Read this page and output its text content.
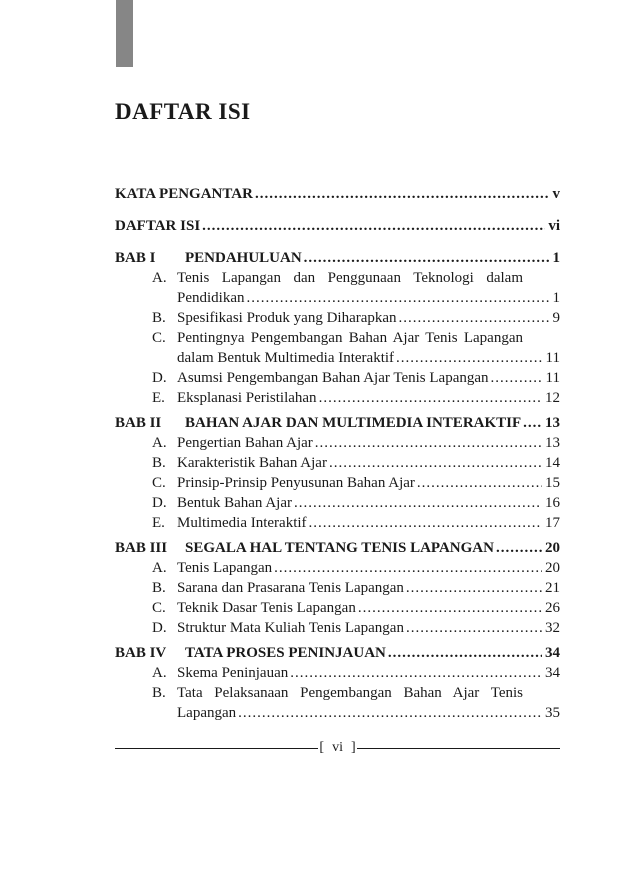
DAFTAR ISI
KATA PENGANTAR .....	v
DAFTAR ISI .....	vi
BAB I	PENDAHULUAN .....	1
A. Tenis Lapangan dan Penggunaan Teknologi dalam
Pendidikan .....	1
B. Spesifikasi Produk yang Diharapkan .....	9
C. Pentingnya Pengembangan Bahan Ajar Tenis Lapangan
dalam Bentuk Multimedia Interaktif .....	11
D. Asumsi Pengembangan Bahan Ajar Tenis Lapangan .....	11
E. Eksplanasi Peristilahan .....	12
BAB II	BAHAN AJAR DAN MULTIMEDIA INTERAKTIF ..... 13
A. Pengertian Bahan Ajar .....	13
B. Karakteristik Bahan Ajar .....	14
C. Prinsip-Prinsip Penyusunan Bahan Ajar .....	15
D. Bentuk Bahan Ajar .....	16
E. Multimedia Interaktif .....	17
BAB III	SEGALA HAL TENTANG TENIS LAPANGAN .....	20
A. Tenis Lapangan .....	20
B. Sarana dan Prasarana Tenis Lapangan .....	21
C. Teknik Dasar Tenis Lapangan .....	26
D. Struktur Mata Kuliah Tenis Lapangan .....	32
BAB IV	TATA PROSES PENINJAUAN .....	34
A. Skema Peninjauan .....	34
B. Tata Pelaksanaan Pengembangan Bahan Ajar Tenis
Lapangan .....	35
[ vi ]
